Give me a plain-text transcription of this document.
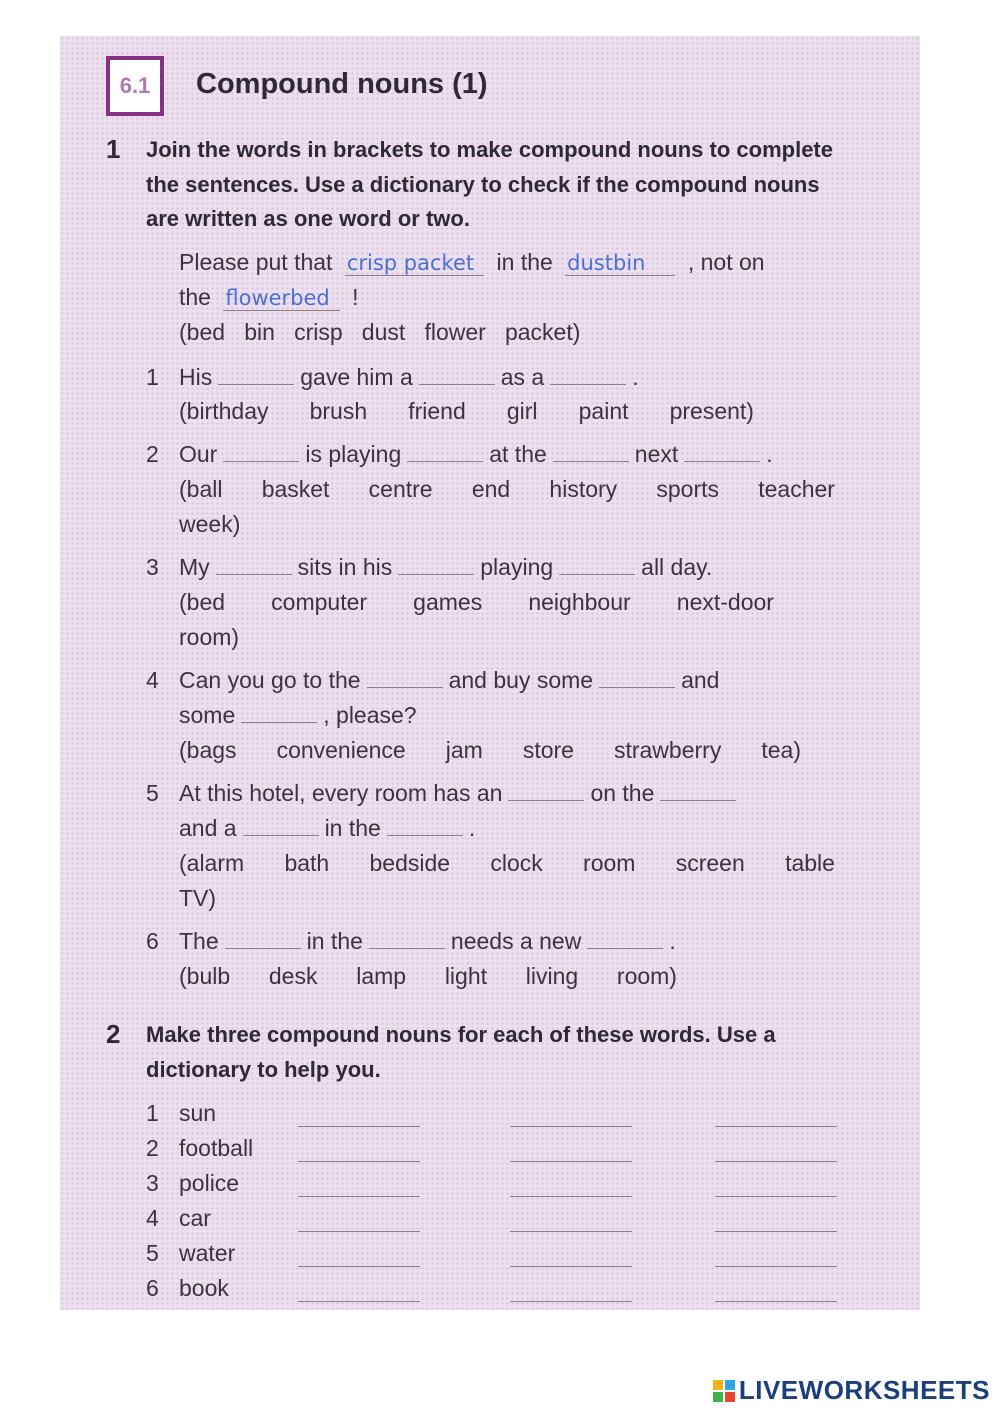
6.1 Compound nouns (1)
1 Join the words in brackets to make compound nouns to complete the sentences. Use a dictionary to check if the compound nouns are written as one word or two.

Please put that crisp packet in the dustbin , not on
the flowerbed !
(bed   bin   crisp   dust   flower   packet)
1 His	gave him a	as a	.
(birthday brush friend girl paint present)
2 Our	is playing	at the	next	.
(ball basket centre end history sports teacher
week)
3 My	sits in his	playing	all day.
(bed computer games neighbour next-door
room)
4 Can you go to the	and buy some	and
some	, please?
(bags convenience jam store strawberry tea)
5 At this hotel, every room has an	on the
and a	in the	.
(alarm bath bedside clock room screen table
TV)
6 The	in the	needs a new	.
(bulb desk lamp light living room)
2 Make three compound nouns for each of these words. Use a dictionary to help you.

1 sun
2 football
3 police
4 car
5 water
6 book
LIVEWORKSHEETS
